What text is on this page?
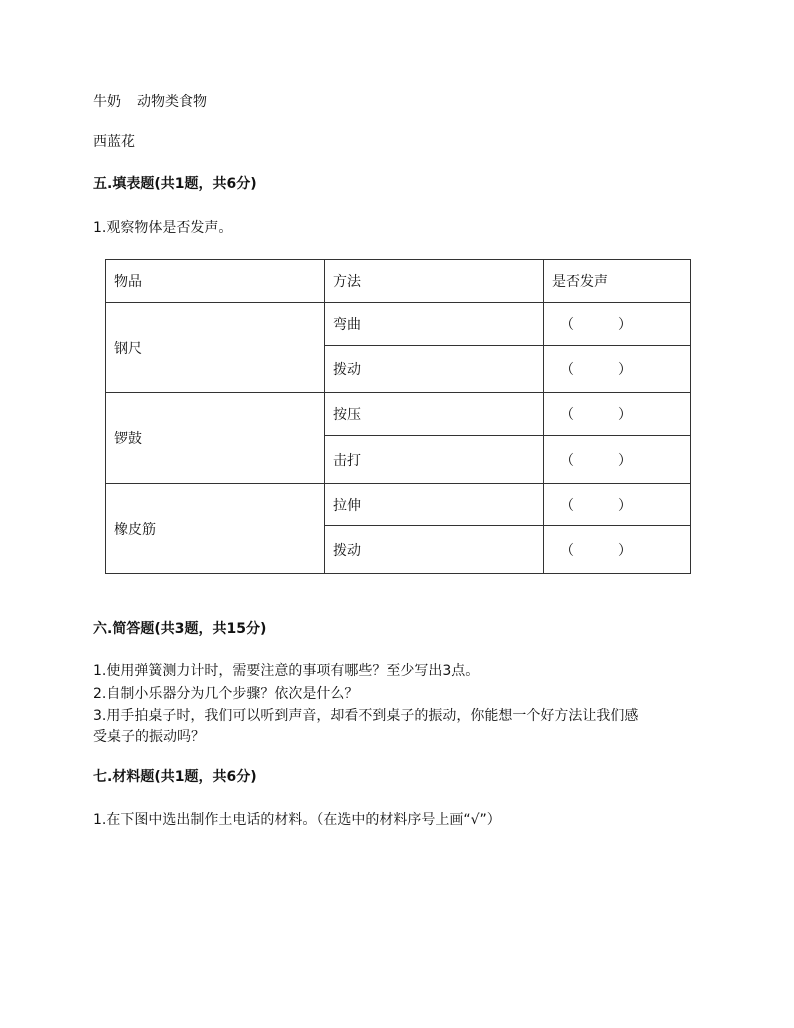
牛奶 动物类食物
西蓝花
五.填表题(共1题，共6分)
1.观察物体是否发声。
物品	方法	是否发声
钢尺	弯曲	（ ）
	拨动	（ ）
锣鼓	按压	（ ）
	击打	（ ）
橡皮筋	拉伸	（ ）
	拨动	（ ）
六.简答题(共3题，共15分)
1.使用弹簧测力计时，需要注意的事项有哪些？至少写出3点。
2.自制小乐器分为几个步骤？依次是什么？
3.用手拍桌子时，我们可以听到声音，却看不到桌子的振动，你能想一个好方法让我们感
受桌子的振动吗？
七.材料题(共1题，共6分)
1.在下图中选出制作土电话的材料。（在选中的材料序号上画“√”）
